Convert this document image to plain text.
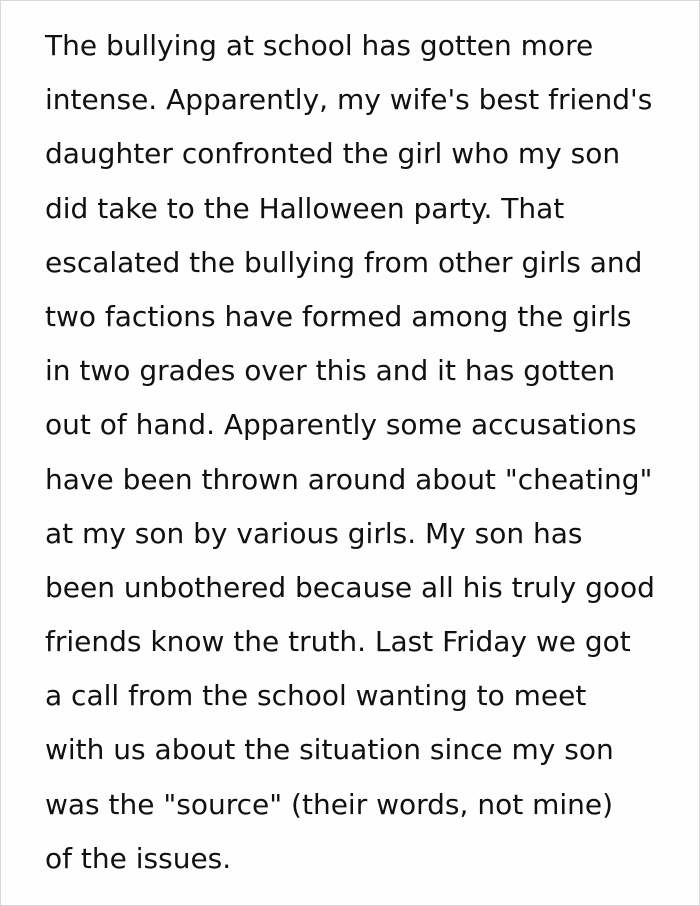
The bullying at school has gotten more
intense. Apparently, my wife's best friend's
daughter confronted the girl who my son
did take to the Halloween party. That
escalated the bullying from other girls and
two factions have formed among the girls
in two grades over this and it has gotten
out of hand. Apparently some accusations
have been thrown around about "cheating"
at my son by various girls. My son has
been unbothered because all his truly good
friends know the truth. Last Friday we got
a call from the school wanting to meet
with us about the situation since my son
was the "source" (their words, not mine)
of the issues.
